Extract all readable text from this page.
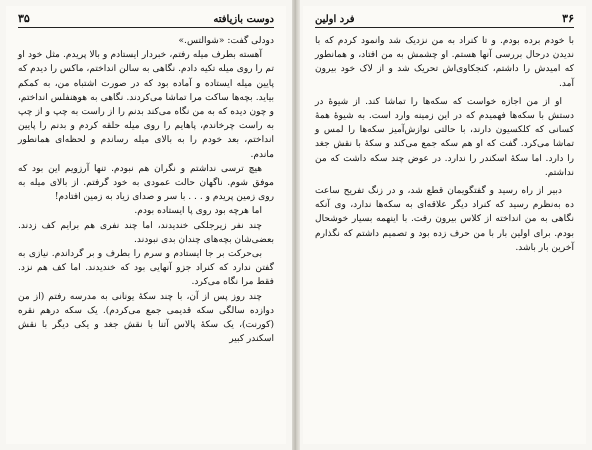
۳۵	دوست بازیافته

دودلی گفت: «شوالتس.»

آهسته بطرف میله رفتم، خبردار ایستادم و بالا پریدم. مثل خود او تم را روی میله تکیه دادم. نگاهی به سالن انداختم، ماکس را دیدم که پایین میله ایستاده و آماده بود که در صورت اشتباه من، به کمکم بیاید. بچه‌ها ساکت مرا تماشا می‌کردند. نگاهی به هوهنفلس انداختم، و چون دیده که به من نگاه می‌کند بدنم را از راست به چپ و از چپ به راست چرخاندم، پاهایم را روی میله حلقه کردم و بدنم را پایین انداختم، بعد خودم را به بالای میله رساندم و لحظه‌ای همانطور ماندم.

هیچ ترسی نداشتم و نگران هم نبودم. تنها آرزویم این بود که موفق شوم. ناگهان حالت عمودی به خود گرفتم. از بالای میله به روی زمین پریدم و . . . با سر و صدای زیاد به زمین افتادم!

اما هرچه بود روی پا ایستاده بودم.

چند نفر زیرجلکی خندیدند، اما چند نفری هم برایم کف زدند. بعضی‌شان بچه‌های چندان بدی نبودند.

بی‌حرکت بر جا ایستادم و سرم را بطرف و بر گرداندم. نیازی به گفتن ندارد که کنراد جزو آنهایی بود که خندیدند. اما کف هم نزد. فقط مرا نگاه می‌کرد.

چند روز پس از آن، با چند سکهٔ یونانی به مدرسه رفتم (از من دوازده سالگی سکه قدیمی جمع می‌کردم). یک سکه درهم نقره (کورنت)، یک سکهٔ پالاس آتنا با نقش جغد و یکی دیگر با نقش اسکندر کبیر

فرد اولین	۳۶

با خودم برده بودم. و تا کنراد به من نزدیک شد وانمود کردم که با ندیدن درحال بررسی آنها هستم. او چشمش به من افتاد، و همانطور که امیدش را داشتم، کنجکاوی‌اش تحریک شد و از لاک خود بیرون آمد.

او از من اجازه خواست که سکه‌ها را تماشا کند. از شیوهٔ در دستش با سکه‌ها فهمیدم که در این زمینه وارد است. به شیوهٔ همهٔ کسانی که کلکسیون دارند، با حالتی نوازش‌آمیز سکه‌ها را لمس و تماشا می‌کرد. گفت که او هم سکه جمع می‌کند و سکهٔ با نقش جغد را دارد. اما سکهٔ اسکندر را ندارد. در عوض چند سکه داشت که من نداشتم.

دبیر از راه رسید و گفتگویمان قطع شد، و در زنگ تفریح ساعت ده به‌نظرم رسید که کنراد دیگر علاقه‌ای به سکه‌ها ندارد، وی آنکه نگاهی به من انداخته از کلاس بیرون رفت. با اینهمه بسیار خوشحال بودم. برای اولین بار با من حرف زده بود و تصمیم داشتم که نگذارم آخرین بار باشد.
